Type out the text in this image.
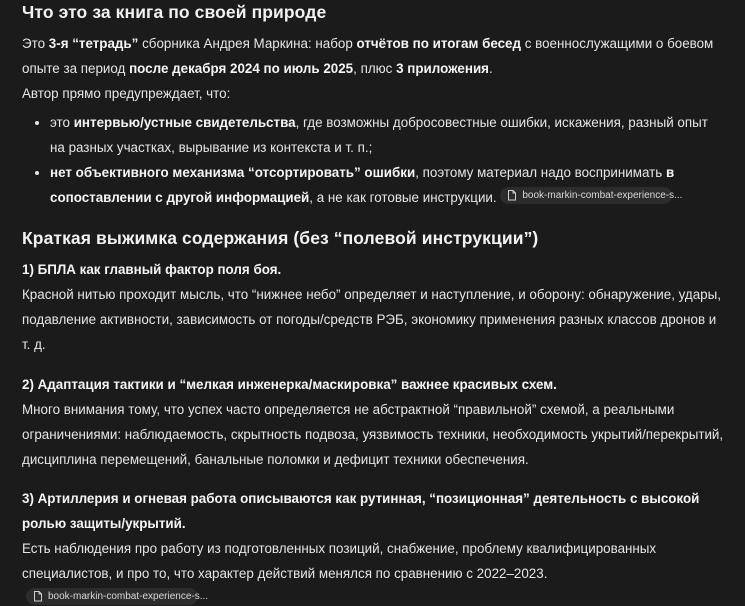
Что это за книга по своей природе

Это 3-я “тетрадь” сборника Андрея Маркина: набор отчётов по итогам бесед с военнослужащими о боевом опыте за период после декабря 2024 по июль 2025, плюс 3 приложения.

Автор прямо предупреждает, что:

• это интервью/устные свидетельства, где возможны добросовестные ошибки, искажения, разный опыт на разных участках, вырывание из контекста и т. п.;
• нет объективного механизма “отсортировать” ошибки, поэтому материал надо воспринимать в сопоставлении с другой информацией, а не как готовые инструкции.	book-markin-combat-experience-s...
Краткая выжимка содержания (без “полевой инструкции”)

1) БПЛА как главный фактор поля боя.
Красной нитью проходит мысль, что “нижнее небо” определяет и наступление, и оборону: обнаружение, удары, подавление активности, зависимость от погоды/средств РЭБ, экономику применения разных классов дронов и т. д.

2) Адаптация тактики и “мелкая инженерка/маскировка” важнее красивых схем.
Много внимания тому, что успех часто определяется не абстрактной “правильной” схемой, а реальными ограничениями: наблюдаемость, скрытность подвоза, уязвимость техники, необходимость укрытий/перекрытий, дисциплина перемещений, банальные поломки и дефицит техники обеспечения.

3) Артиллерия и огневая работа описываются как рутинная, “позиционная” деятельность с высокой ролью защиты/укрытий.
Есть наблюдения про работу из подготовленных позиций, снабжение, проблему квалифицированных специалистов, и про то, что характер действий менялся по сравнению с 2022–2023.

book-markin-combat-experience-s...
